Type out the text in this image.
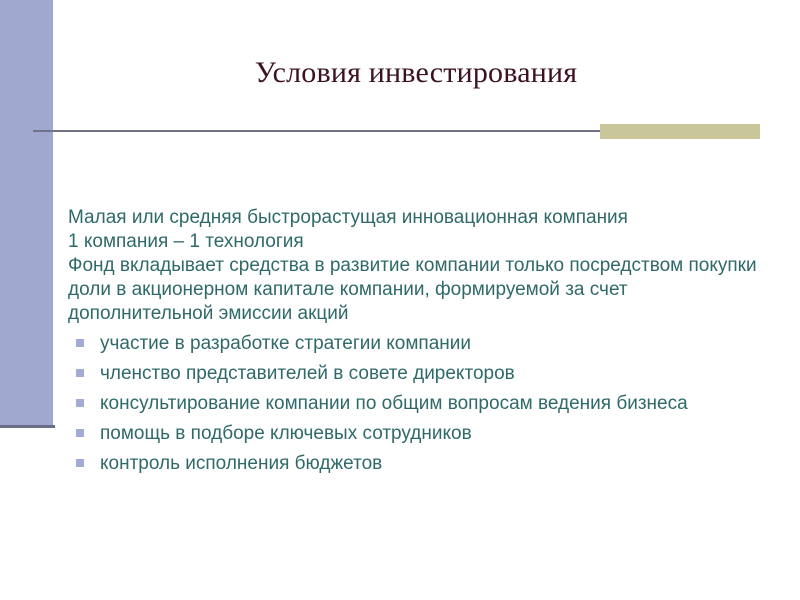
Условия инвестирования

Малая или средняя быстрорастущая инновационная компания

1 компания – 1 технология

Фонд вкладывает средства в развитие компании только посредством покупки доли в акционерном капитале компании, формируемой за счет дополнительной эмиссии акций

участие в разработке стратегии компании
членство представителей в совете директоров
консультирование компании по общим вопросам ведения бизнеса
помощь в подборе ключевых сотрудников
контроль исполнения бюджетов
